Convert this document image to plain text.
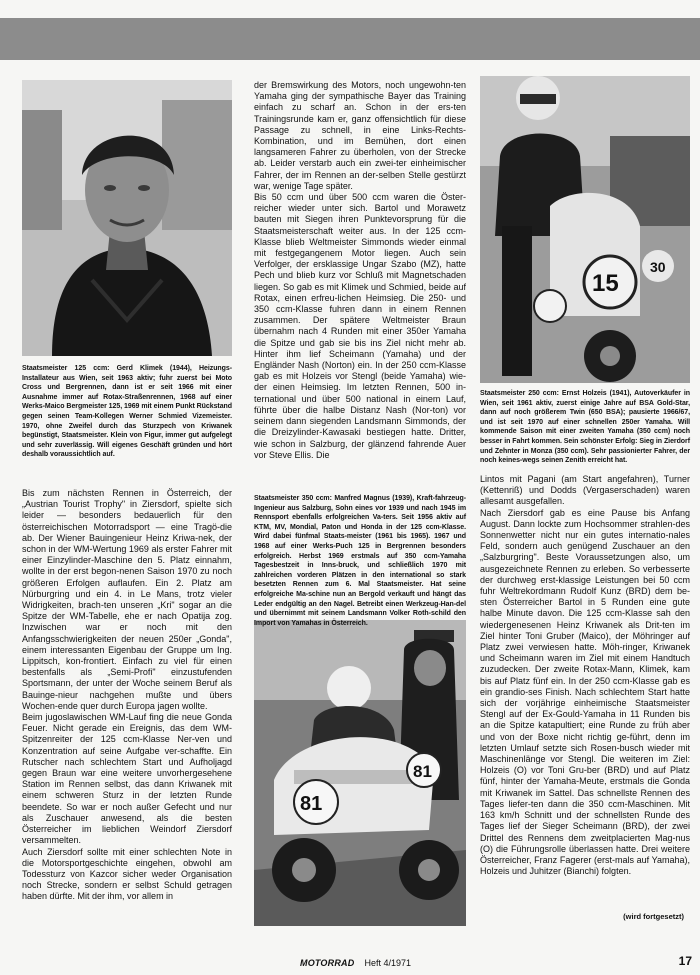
Staatsmeister 125 ccm: Gerd Klimek (1944), Heizungs-Installateur aus Wien, seit 1963 aktiv; fuhr zuerst bei Moto Cross und Bergrennen, dann ist er seit 1966 mit einer Ausnahme immer auf Rotax-Straßenrennen, 1968 auf einer Werks-Maico Bergmeister 125, 1969 mit einem Punkt Rückstand gegen seinen Team-Kollegen Werner Schmied Vizemeister. 1970, ohne Zweifel durch das Sturzpech von Kriwanek begünstigt, Staatsmeister. Klein von Figur, immer gut aufgelegt und sehr zuverlässig. Will eigenes Geschäft gründen und hört deshalb voraussichtlich auf.

30
15

Staatsmeister 250 ccm: Ernst Holzeis (1941), Autoverkäufer in Wien, seit 1961 aktiv, zuerst einige Jahre auf BSA Gold-Star, dann auf noch größerem Twin (650 BSA); pausierte 1966/67, und ist seit 1970 auf einer schnellen 250er Yamaha. Will kommende Saison mit einer zweiten Yamaha (350 ccm) noch besser in Fahrt kommen. Sein schönster Erfolg: Sieg in Zierdorf und Zehnter in Monza (350 ccm). Sehr passionierter Fahrer, der noch keines-wegs seinen Zenith erreicht hat.

81
81

Staatsmeister 350 ccm: Manfred Magnus (1939), Kraft-fahrzeug-Ingenieur aus Salzburg, Sohn eines vor 1939 und nach 1945 im Rennsport ebenfalls erfolgreichen Va-ters. Seit 1956 aktiv auf KTM, MV, Mondial, Paton und Honda in der 125 ccm-Klasse. Wird dabei fünfmal Staats-meister (1961 bis 1965). 1967 und 1968 auf einer Werks-Puch 125 in Bergrennen besonders erfolgreich. Herbst 1969 erstmals auf 350 ccm-Yamaha Tagesbestzeit in Inns-bruck, und schließlich 1970 mit zahlreichen vorderen Plätzen in den international so stark besetzten Rennen zum 6. Mal Staatsmeister. Hat seine erfolgreiche Ma-schine nun an Bergold verkauft und hängt das Leder endgültig an den Nagel. Betreibt einen Werkzeug-Han-del und übernimmt mit seinem Landsmann Volker Roth-schild den Import von Yamahas in Österreich.

Bis zum nächsten Rennen in Österreich, der „Austrian Tourist Trophy" in Ziersdorf, spielte sich leider — besonders bedauerlich für den österreichischen Motorradsport — eine Tragö-die ab. Der Wiener Bauingenieur Heinz Kriwa-nek, der schon in der WM-Wertung 1969 als erster Fahrer mit einer Einzylinder-Maschine den 5. Platz einnahm, wollte in der erst begon-nenen Saison 1970 zu noch größeren Erfolgen auflaufen. Ein 2. Platz am Nürburgring und ein 4. in Le Mans, trotz vieler Widrigkeiten, brach-ten unseren „Kri" sogar an die Spitze der WM-Tabelle, ehe er nach Opatija zog. Inzwischen war er noch mit den Anfangsschwierigkeiten der neuen 250er „Gonda", einem interessanten Eigenbau der Gruppe um Ing. Lippitsch, kon-frontiert. Einfach zu viel für einen bestenfalls als „Semi-Profi" einzustufenden Sportsmann, der unter der Woche seinem Beruf als Bauinge-nieur nachgehen mußte und übers Wochen-ende quer durch Europa jagen wollte.

Beim jugoslawischen WM-Lauf fing die neue Gonda Feuer. Nicht gerade ein Ereignis, das dem WM-Spitzenreiter der 125 ccm-Klasse Ner-ven und Konzentration auf seine Aufgabe ver-schaffte. Ein Rutscher nach schlechtem Start und Aufholjagd gegen Braun war eine weitere unvorhergesehene Station im Rennen selbst, das dann Kriwanek mit einem schweren Sturz in der letzten Runde beendete. So war er noch außer Gefecht und nur als Zuschauer anwesend, als die besten Österreicher im lieblichen Weindorf Ziersdorf versammelten.

Auch Ziersdorf sollte mit einer schlechten Note in die Motorsportgeschichte eingehen, obwohl am Todessturz von Kazcor sicher weder Organisation noch Strecke, sondern er selbst Schuld getragen haben dürfte. Mit der ihm, vor allem in

der Bremswirkung des Motors, noch ungewohn-ten Yamaha ging der sympathische Bayer das Training einfach zu scharf an. Schon in der ers-ten Trainingsrunde kam er, ganz offensichtlich für diese Passage zu schnell, in eine Links-Rechts-Kombination, und im Bemühen, dort einen langsameren Fahrer zu überholen, von der Strecke ab. Leider verstarb auch ein zwei-ter einheimischer Fahrer, der im Rennen an der-selben Stelle gestürzt war, wenige Tage später.

Bis 50 ccm und über 500 ccm waren die Öster-reicher wieder unter sich. Bartol und Morawetz bauten mit Siegen ihren Punktevorsprung für die Staatsmeisterschaft weiter aus. In der 125 ccm-Klasse blieb Weltmeister Simmonds wieder einmal mit festgegangenem Motor liegen. Auch sein Verfolger, der ersklassige Ungar Szabo (MZ), hatte Pech und blieb kurz vor Schluß mit Magnetschaden liegen. So gab es mit Klimek und Schmied, beide auf Rotax, einen erfreu-lichen Heimsieg. Die 250- und 350 ccm-Klasse fuhren dann in einem Rennen zusammen. Der spätere Weltmeister Braun übernahm nach 4 Runden mit einer 350er Yamaha die Spitze und gab sie bis ins Ziel nicht mehr ab. Hinter ihm lief Scheimann (Yamaha) und der Engländer Nash (Norton) ein. In der 250 ccm-Klasse gab es mit Holzeis vor Stengl (beide Yamaha) wie-der einen Heimsieg. Im letzten Rennen, 500 in-ternational und über 500 national in einem Lauf, führte über die halbe Distanz Nash (Nor-ton) vor seinem dann siegenden Landsmann Simmonds, der die Dreizylinder-Kawasaki bestiegen hatte. Dritter, wie schon in Salzburg, der glänzend fahrende Auer vor Steve Ellis. Die

Lintos mit Pagani (am Start angefahren), Turner (Kettenriß) und Dodds (Vergaserschaden) waren allesamt ausgefallen.

Nach Ziersdorf gab es eine Pause bis Anfang August. Dann lockte zum Hochsommer strahlen-des Sonnenwetter nicht nur ein gutes internatio-nales Feld, sondern auch genügend Zuschauer an den „Salzburgring". Beste Voraussetzungen also, um ausgezeichnete Rennen zu erleben. So verbesserte der durchweg erst-klassige Leistungen bei 50 ccm fuhr Weltrekordmann Rudolf Kunz (BRD) dem be-sten Österreicher Bartol in 5 Runden eine gute halbe Minute davon. Die 125 ccm-Klasse sah den wiedergenesenen Heinz Kriwanek als Drit-ten im Ziel hinter Toni Gruber (Maico), der Möhringer auf Platz zwei verwiesen hatte. Möh-ringer, Kriwanek und Scheimann waren im Ziel mit einem Handtuch zuzudecken. Der zweite Rotax-Mann, Klimek, kam bis auf Platz fünf ein. In der 250 ccm-Klasse gab es ein grandio-ses Finish. Nach schlechtem Start hatte sich der vorjährige einheimische Staatsmeister Stengl auf der Ex-Gould-Yamaha in 11 Runden bis an die Spitze katapultiert; eine Runde zu früh aber und von der Boxe nicht richtig ge-führt, denn im letzten Umlauf setzte sich Rosen-busch wieder mit Maschinenlänge vor Stengl. Die weiteren im Ziel: Holzeis (O) vor Toni Gru-ber (BRD) und auf Platz fünf, hinter der Yamaha-Meute, erstmals die Gonda mit Kriwanek im Sattel. Das schnellste Rennen des Tages liefer-ten dann die 350 ccm-Maschinen. Mit 163 km/h Schnitt und der schnellsten Runde des Tages lief der Sieger Scheimann (BRD), der zwei Drittel des Rennens dem zweitplacierten Mag-nus (O) die Führungsrolle überlassen hatte. Drei weitere Österreicher, Franz Fagerer (erst-mals auf Yamaha), Holzeis und Juhitzer (Bianchi) folgten.

(wird fortgesetzt)

MOTORRAD Heft 4/1971	17
